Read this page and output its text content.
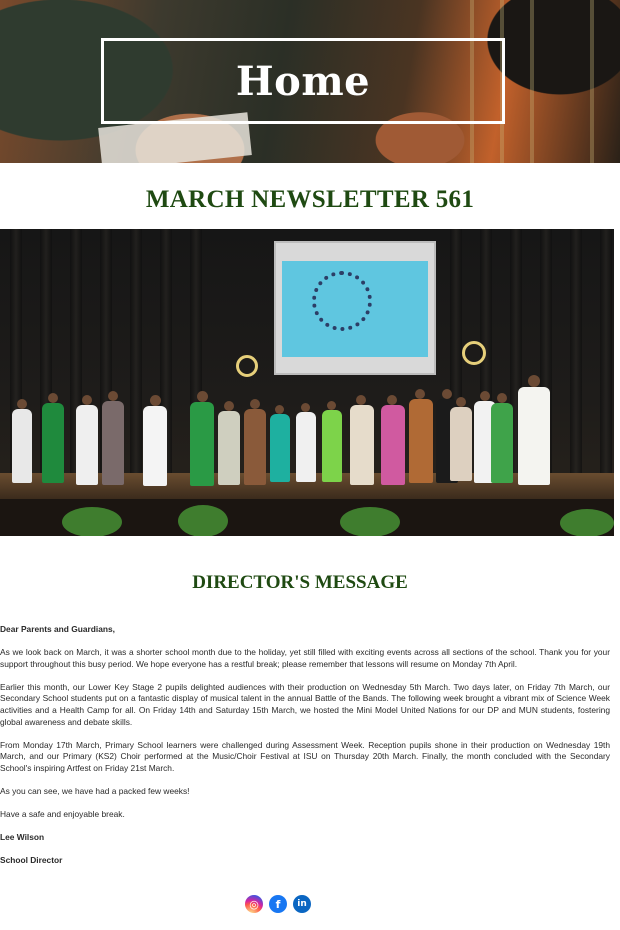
Home
MARCH NEWSLETTER 561
DIRECTOR'S MESSAGE

Dear Parents and Guardians,

As we look back on March, it was a shorter school month due to the holiday, yet still filled with exciting events across all sections of the school. Thank you for your support throughout this busy period. We hope everyone has a restful break; please remember that lessons will resume on Monday 7th April.

Earlier this month, our Lower Key Stage 2 pupils delighted audiences with their production on Wednesday 5th March. Two days later, on Friday 7th March, our Secondary School students put on a fantastic display of musical talent in the annual Battle of the Bands. The following week brought a vibrant mix of Science Week activities and a Health Camp for all. On Friday 14th and Saturday 15th March, we hosted the Mini Model United Nations for our DP and MUN students, fostering global awareness and debate skills.

From Monday 17th March, Primary School learners were challenged during Assessment Week. Reception pupils shone in their production on Wednesday 19th March, and our Primary (KS2) Choir performed at the Music/Choir Festival at ISU on Thursday 20th March. Finally, the month concluded with the Secondary School's inspiring Artfest on Friday 21st March.

As you can see, we have had a packed few weeks!

Have a safe and enjoyable break.

Lee Wilson

School Director

◎	f	in
